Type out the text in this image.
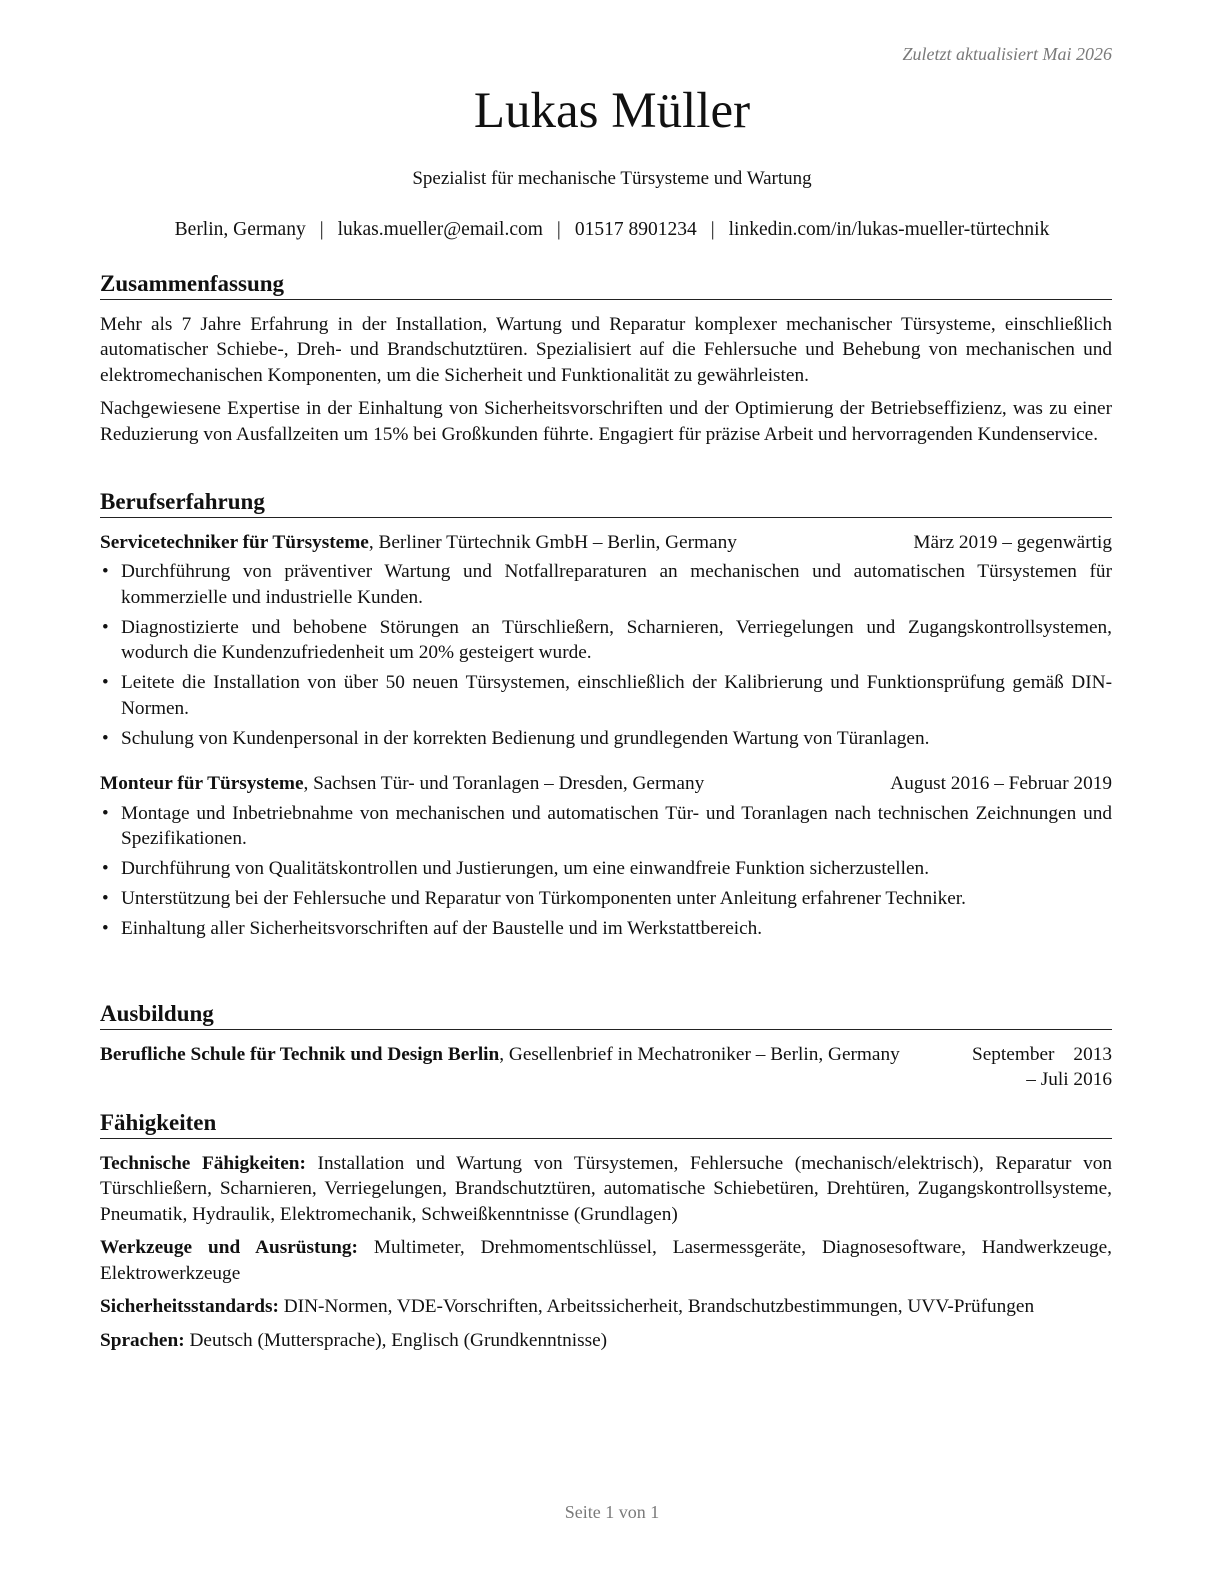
Zuletzt aktualisiert Mai 2026
Lukas Müller
Spezialist für mechanische Türsysteme und Wartung
Berlin, Germany | lukas.mueller@email.com | 01517 8901234 | linkedin.com/in/lukas-mueller-türtechnik
Zusammenfassung

Mehr als 7 Jahre Erfahrung in der Installation, Wartung und Reparatur komplexer mechanischer Türsysteme, einschließlich automatischer Schiebe-, Dreh- und Brandschutztüren. Spezialisiert auf die Fehlersuche und Behebung von mechanischen und elektromechanischen Komponenten, um die Sicherheit und Funktionalität zu gewährleisten.

Nachgewiesene Expertise in der Einhaltung von Sicherheitsvorschriften und der Optimierung der Betriebseffizienz, was zu einer Reduzierung von Ausfallzeiten um 15% bei Großkunden führte. Engagiert für präzise Arbeit und hervorragenden Kundenservice.

Berufserfahrung
Servicetechniker für Türsysteme, Berliner Türtechnik GmbH – Berlin, Germany	März 2019 – gegenwärtig
• Durchführung von präventiver Wartung und Notfallreparaturen an mechanischen und automatischen Türsystemen für kommerzielle und industrielle Kunden.
• Diagnostizierte und behobene Störungen an Türschließern, Scharnieren, Verriegelungen und Zugangskontrollsystemen, wodurch die Kundenzufriedenheit um 20% gesteigert wurde.
• Leitete die Installation von über 50 neuen Türsystemen, einschließlich der Kalibrierung und Funktionsprüfung gemäß DIN-Normen.
• Schulung von Kundenpersonal in der korrekten Bedienung und grundlegenden Wartung von Türanlagen.
Monteur für Türsysteme, Sachsen Tür- und Toranlagen – Dresden, Germany	August 2016 – Februar 2019
• Montage und Inbetriebnahme von mechanischen und automatischen Tür- und Toranlagen nach technischen Zeichnungen und Spezifikationen.
• Durchführung von Qualitätskontrollen und Justierungen, um eine einwandfreie Funktion sicherzustellen.
• Unterstützung bei der Fehlersuche und Reparatur von Türkomponenten unter Anleitung erfahrener Techniker.
• Einhaltung aller Sicherheitsvorschriften auf der Baustelle und im Werkstattbereich.
Ausbildung
Berufliche Schule für Technik und Design Berlin, Gesellenbrief in Mechatroniker – Berlin, Germany	September 2013 – Juli 2016
Fähigkeiten

Technische Fähigkeiten: Installation und Wartung von Türsystemen, Fehlersuche (mechanisch/elektrisch), Reparatur von Türschließern, Scharnieren, Verriegelungen, Brandschutztüren, automatische Schiebetüren, Drehtüren, Zugangskontrollsysteme, Pneumatik, Hydraulik, Elektromechanik, Schweißkenntnisse (Grundlagen)

Werkzeuge und Ausrüstung: Multimeter, Drehmomentschlüssel, Lasermessgeräte, Diagnosesoftware, Handwerkzeuge, Elektrowerkzeuge

Sicherheitsstandards: DIN-Normen, VDE-Vorschriften, Arbeitssicherheit, Brandschutzbestimmungen, UVV-Prüfungen

Sprachen: Deutsch (Muttersprache), Englisch (Grundkenntnisse)

Seite 1 von 1
